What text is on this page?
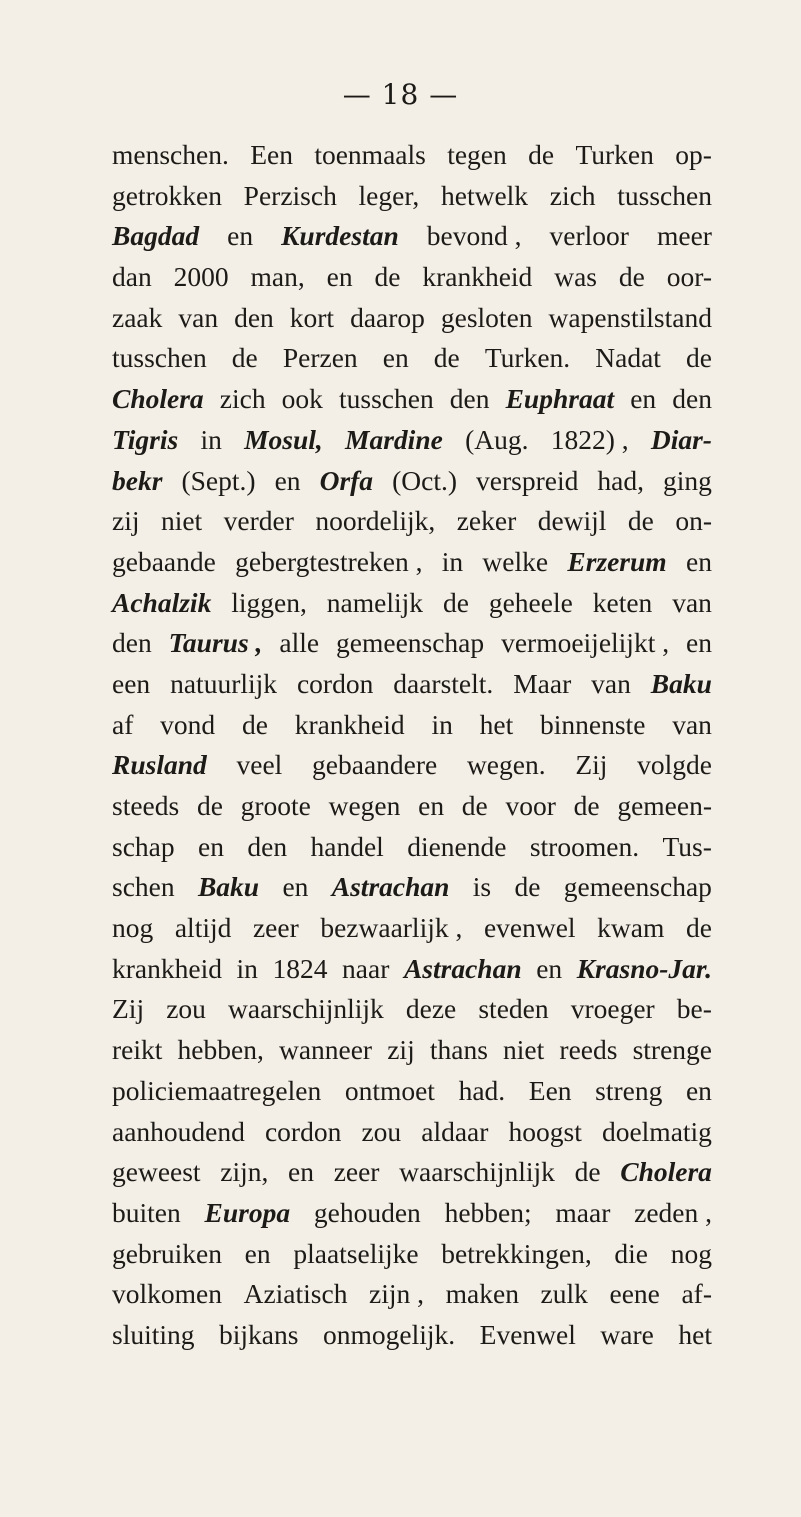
— 18 —
menschen. Een toenmaals tegen de Turken op-
getrokken Perzisch leger, hetwelk zich tusschen
Bagdad en Kurdestan bevond , verloor meer
dan 2000 man, en de krankheid was de oor-
zaak van den kort daarop gesloten wapenstilstand
tusschen de Perzen en de Turken. Nadat de
Cholera zich ook tusschen den Euphraat en den
Tigris in Mosul, Mardine (Aug. 1822) , Diar-
bekr (Sept.) en Orfa (Oct.) verspreid had, ging
zij niet verder noordelijk, zeker dewijl de on-
gebaande gebergtestreken , in welke Erzerum en
Achalzik liggen, namelijk de geheele keten van
den Taurus , alle gemeenschap vermoeijelijkt , en
een natuurlijk cordon daarstelt. Maar van Baku
af vond de krankheid in het binnenste van
Rusland veel gebaandere wegen. Zij volgde
steeds de groote wegen en de voor de gemeen-
schap en den handel dienende stroomen. Tus-
schen Baku en Astrachan is de gemeenschap
nog altijd zeer bezwaarlijk , evenwel kwam de
krankheid in 1824 naar Astrachan en Krasno-Jar.
Zij zou waarschijnlijk deze steden vroeger be-
reikt hebben, wanneer zij thans niet reeds strenge
policiemaatregelen ontmoet had. Een streng en
aanhoudend cordon zou aldaar hoogst doelmatig
geweest zijn, en zeer waarschijnlijk de Cholera
buiten Europa gehouden hebben; maar zeden ,
gebruiken en plaatselijke betrekkingen, die nog
volkomen Aziatisch zijn , maken zulk eene af-
sluiting bijkans onmogelijk. Evenwel ware het
